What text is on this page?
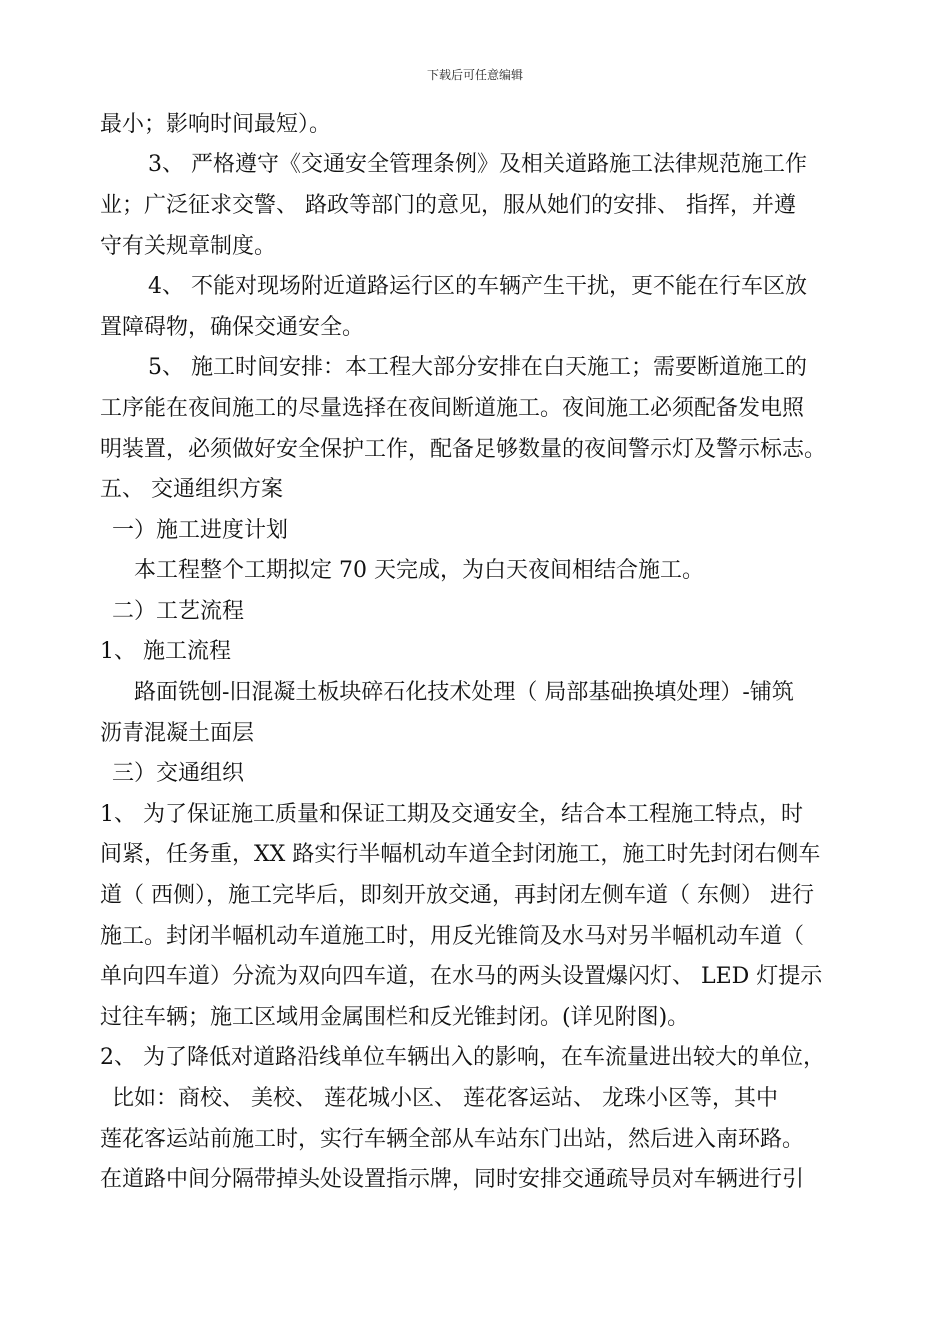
下载后可任意编辑
最小；影响时间最短）。
3、 严格遵守《交通安全管理条例》及相关道路施工法律规范施工作
业；广泛征求交警、 路政等部门的意见，服从她们的安排、 指挥，并遵
守有关规章制度。
4、 不能对现场附近道路运行区的车辆产生干扰，更不能在行车区放
置障碍物，确保交通安全。
5、 施工时间安排：本工程大部分安排在白天施工；需要断道施工的
工序能在夜间施工的尽量选择在夜间断道施工。夜间施工必须配备发电照
明装置，必须做好安全保护工作，配备足够数量的夜间警示灯及警示标志。
五、 交通组织方案
一）施工进度计划
本工程整个工期拟定 70 天完成，为白天夜间相结合施工。
二）工艺流程
1、 施工流程
路面铣刨-旧混凝土板块碎石化技术处理（ 局部基础换填处理）-铺筑
沥青混凝土面层
三）交通组织
1、 为了保证施工质量和保证工期及交通安全，结合本工程施工特点，时
间紧，任务重，XX 路实行半幅机动车道全封闭施工，施工时先封闭右侧车
道（ 西侧），施工完毕后，即刻开放交通，再封闭左侧车道（ 东侧） 进行
施工。封闭半幅机动车道施工时，用反光锥筒及水马对另半幅机动车道（
单向四车道）分流为双向四车道，在水马的两头设置爆闪灯、 LED 灯提示
过往车辆；施工区域用金属围栏和反光锥封闭。(详见附图)。
2、 为了降低对道路沿线单位车辆出入的影响，在车流量进出较大的单位，
比如：商校、 美校、 莲花城小区、 莲花客运站、 龙珠小区等，其中
莲花客运站前施工时，实行车辆全部从车站东门出站，然后进入南环路。
在道路中间分隔带掉头处设置指示牌，同时安排交通疏导员对车辆进行引
